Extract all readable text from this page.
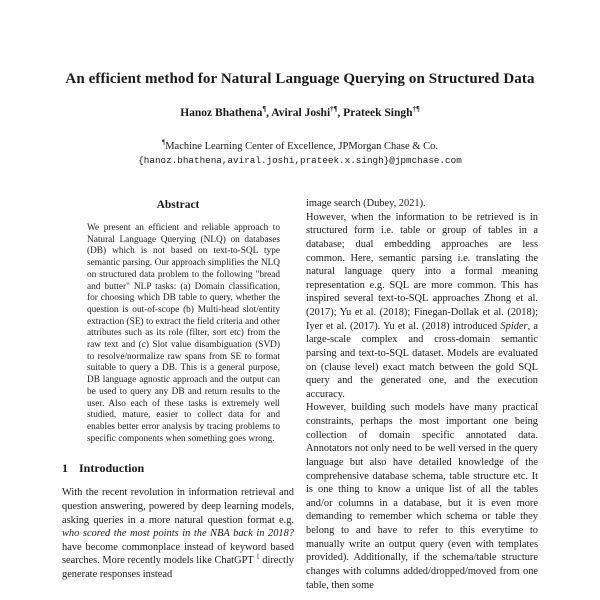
An efficient method for Natural Language Querying on Structured Data
Hanoz Bhathena¶, Aviral Joshi†¶, Prateek Singh†¶
¶Machine Learning Center of Excellence, JPMorgan Chase & Co.
{hanoz.bhathena,aviral.joshi,prateek.x.singh}@jpmchase.com
Abstract

We present an efficient and reliable approach to Natural Language Querying (NLQ) on databases (DB) which is not based on text-to-SQL type semantic parsing. Our approach simplifies the NLQ on structured data problem to the following "bread and butter" NLP tasks: (a) Domain classification, for choosing which DB table to query, whether the question is out-of-scope (b) Multi-head slot/entity extraction (SE) to extract the field criteria and other attributes such as its role (filter, sort etc) from the raw text and (c) Slot value disambiguation (SVD) to resolve/normalize raw spans from SE to format suitable to query a DB. This is a general purpose, DB language agnostic approach and the output can be used to query any DB and return results to the user. Also each of these tasks is extremely well studied, mature, easier to collect data for and enables better error analysis by tracing problems to specific components when something goes wrong.

1 Introduction

With the recent revolution in information retrieval and question answering, powered by deep learning models, asking queries in a more natural question format e.g. who scored the most points in the NBA back in 2018? have become commonplace instead of keyword based searches. More recently models like ChatGPT $^1$ directly generate responses instead

image search (Dubey, 2021).

However, when the information to be retrieved is in structured form i.e. table or group of tables in a database; dual embedding approaches are less common. Here, semantic parsing i.e. translating the natural language query into a formal meaning representation e.g. SQL are more common. This has inspired several text-to-SQL approaches Zhong et al. (2017); Yu et al. (2018); Finegan-Dollak et al. (2018); Iyer et al. (2017). Yu et al. (2018) introduced Spider, a large-scale complex and cross-domain semantic parsing and text-to-SQL dataset. Models are evaluated on (clause level) exact match between the gold SQL query and the generated one, and the execution accuracy.

However, building such models have many practical constraints, perhaps the most important one being collection of domain specific annotated data. Annotators not only need to be well versed in the query language but also have detailed knowledge of the comprehensive database schema, table structure etc. It is one thing to know a unique list of all the tables and/or columns in a database, but it is even more demanding to remember which schema or table they belong to and have to refer to this everytime to manually write an output query (even with templates provided). Additionally, if the schema/table structure changes with columns added/dropped/moved from one table, then some
